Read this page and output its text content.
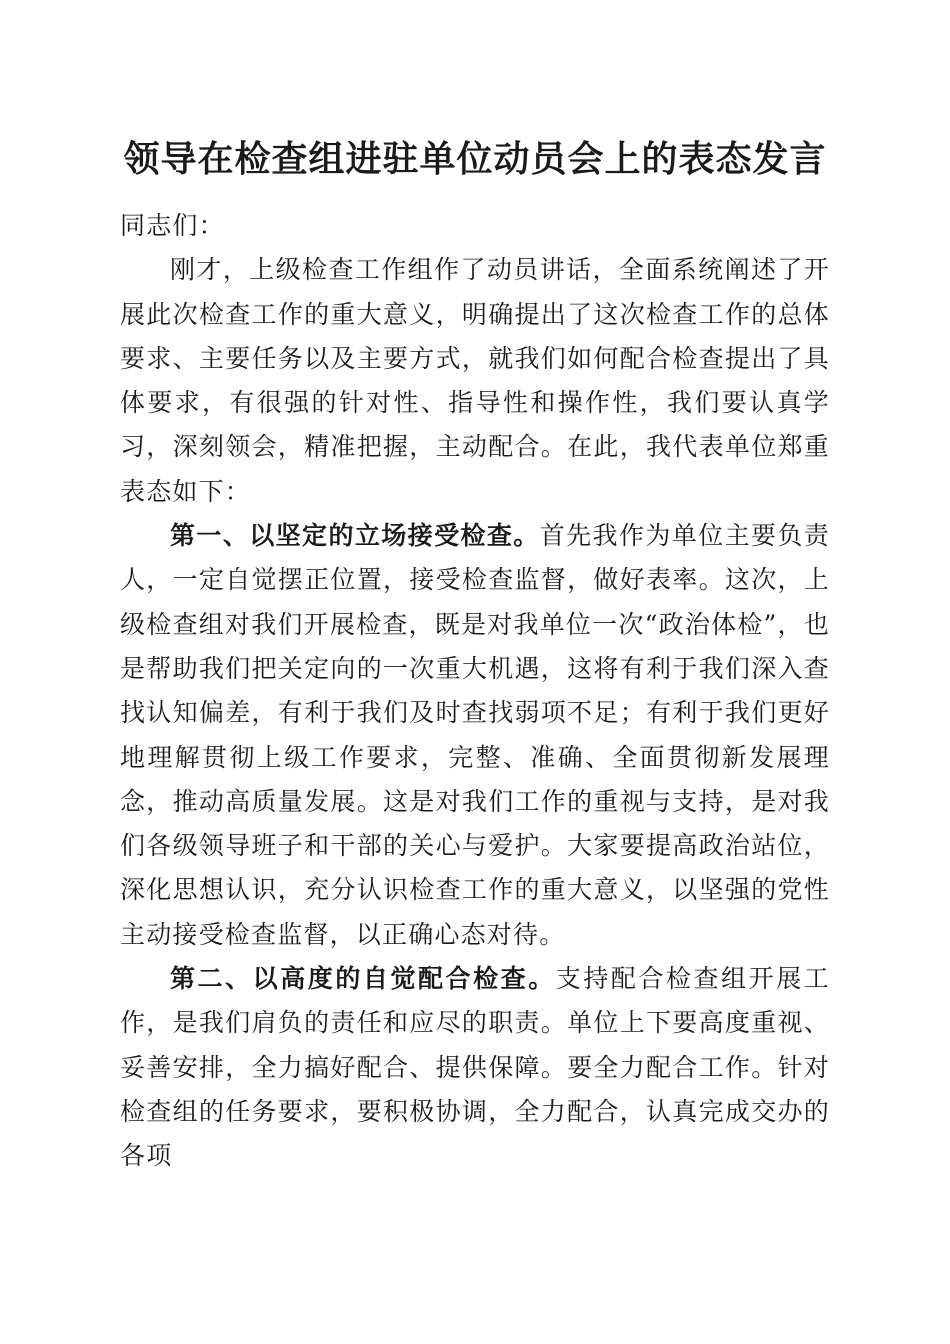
领导在检查组进驻单位动员会上的表态发言

同志们：

刚才，上级检查工作组作了动员讲话，全面系统阐述了开展此次检查工作的重大意义，明确提出了这次检查工作的总体要求、主要任务以及主要方式，就我们如何配合检查提出了具体要求，有很强的针对性、指导性和操作性，我们要认真学习，深刻领会，精准把握，主动配合。在此，我代表单位郑重表态如下：

第一、以坚定的立场接受检查。首先我作为单位主要负责人，一定自觉摆正位置，接受检查监督，做好表率。这次，上级检查组对我们开展检查，既是对我单位一次“政治体检”，也是帮助我们把关定向的一次重大机遇，这将有利于我们深入查找认知偏差，有利于我们及时查找弱项不足；有利于我们更好地理解贯彻上级工作要求，完整、准确、全面贯彻新发展理念，推动高质量发展。这是对我们工作的重视与支持，是对我们各级领导班子和干部的关心与爱护。大家要提高政治站位，深化思想认识，充分认识检查工作的重大意义，以坚强的党性主动接受检查监督，以正确心态对待。

第二、以高度的自觉配合检查。支持配合检查组开展工作，是我们肩负的责任和应尽的职责。单位上下要高度重视、妥善安排，全力搞好配合、提供保障。要全力配合工作。针对检查组的任务要求，要积极协调，全力配合，认真完成交办的各项
